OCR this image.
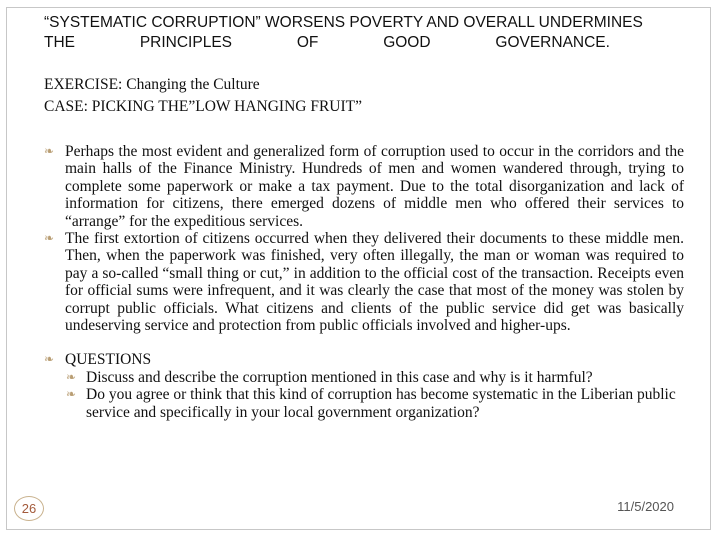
“SYSTEMATIC CORRUPTION” WORSENS POVERTY AND OVERALL UNDERMINES
THE	PRINCIPLES	OF	GOOD	GOVERNANCE.
EXERCISE: Changing the Culture
CASE: PICKING THE”LOW HANGING FRUIT”
❧ Perhaps the most evident and generalized form of corruption used to occur in the corridors and the main halls of the Finance Ministry. Hundreds of men and women wandered through, trying to complete some paperwork or make a tax payment. Due to the total disorganization and lack of information for citizens, there emerged dozens of middle men who offered their services to “arrange” for the expeditious services.
❧ The first extortion of citizens occurred when they delivered their documents to these middle men. Then, when the paperwork was finished, very often illegally, the man or woman was required to pay a so-called “small thing or cut,” in addition to the official cost of the transaction. Receipts even for official sums were infrequent, and it was clearly the case that most of the money was stolen by corrupt public officials. What citizens and clients of the public service did get was basically undeserving service and protection from public officials involved and higher-ups.
❧ QUESTIONS
❧ Discuss and describe the corruption mentioned in this case and why is it harmful?
❧ Do you agree or think that this kind of corruption has become systematic in the Liberian public service and specifically in your local government organization?
26	11/5/2020
